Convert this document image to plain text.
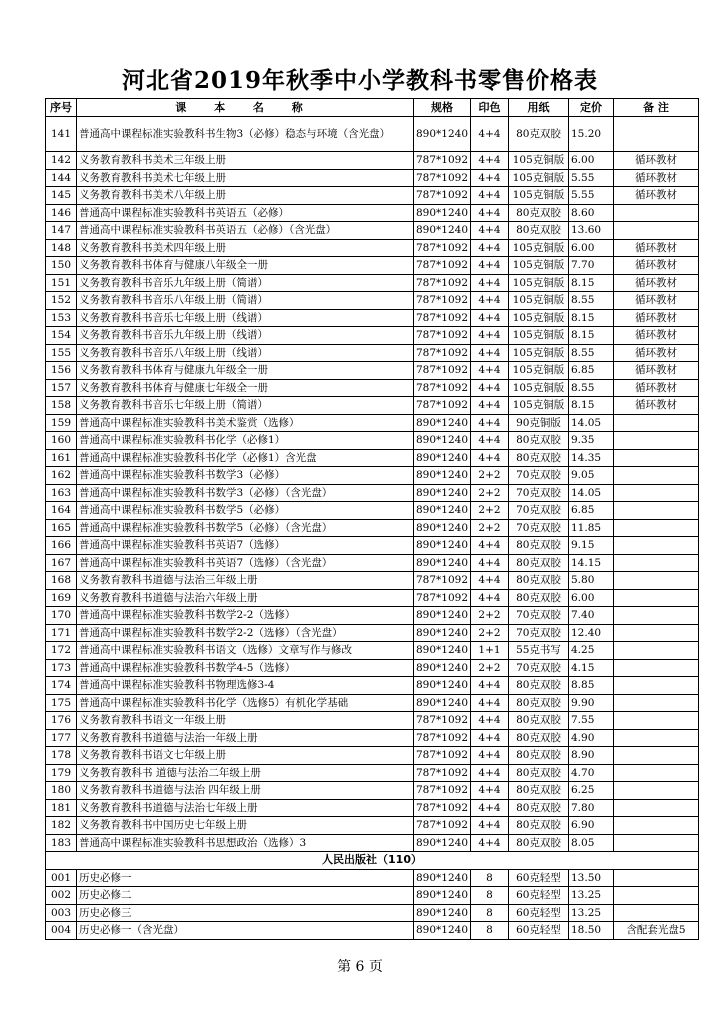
河北省2019年秋季中小学教科书零售价格表
序号	课 本 名 称	规格	印色	用纸	定价	备 注
141	普通高中课程标准实验教科书生物3（必修）稳态与环境（含光盘）	890*1240	4+4	80克双胶	15.20	
142	义务教育教科书美术三年级上册	787*1092	4+4	105克铜版	6.00	循环教材
144	义务教育教科书美术七年级上册	787*1092	4+4	105克铜版	5.55	循环教材
145	义务教育教科书美术八年级上册	787*1092	4+4	105克铜版	5.55	循环教材
146	普通高中课程标准实验教科书英语五（必修）	890*1240	4+4	80克双胶	8.60	
147	普通高中课程标准实验教科书英语五（必修）（含光盘）	890*1240	4+4	80克双胶	13.60	
148	义务教育教科书美术四年级上册	787*1092	4+4	105克铜版	6.00	循环教材
150	义务教育教科书体育与健康八年级全一册	787*1092	4+4	105克铜版	7.70	循环教材
151	义务教育教科书音乐九年级上册（简谱）	787*1092	4+4	105克铜版	8.15	循环教材
152	义务教育教科书音乐八年级上册（简谱）	787*1092	4+4	105克铜版	8.55	循环教材
153	义务教育教科书音乐七年级上册（线谱）	787*1092	4+4	105克铜版	8.15	循环教材
154	义务教育教科书音乐九年级上册（线谱）	787*1092	4+4	105克铜版	8.15	循环教材
155	义务教育教科书音乐八年级上册（线谱）	787*1092	4+4	105克铜版	8.55	循环教材
156	义务教育教科书体育与健康九年级全一册	787*1092	4+4	105克铜版	6.85	循环教材
157	义务教育教科书体育与健康七年级全一册	787*1092	4+4	105克铜版	8.55	循环教材
158	义务教育教科书音乐七年级上册（简谱）	787*1092	4+4	105克铜版	8.15	循环教材
159	普通高中课程标准实验教科书美术鉴赏（选修）	890*1240	4+4	90克铜版	14.05	
160	普通高中课程标准实验教科书化学（必修1）	890*1240	4+4	80克双胶	9.35	
161	普通高中课程标准实验教科书化学（必修1）含光盘	890*1240	4+4	80克双胶	14.35	
162	普通高中课程标准实验教科书数学3（必修）	890*1240	2+2	70克双胶	9.05	
163	普通高中课程标准实验教科书数学3（必修）（含光盘）	890*1240	2+2	70克双胶	14.05	
164	普通高中课程标准实验教科书数学5（必修）	890*1240	2+2	70克双胶	6.85	
165	普通高中课程标准实验教科书数学5（必修）（含光盘）	890*1240	2+2	70克双胶	11.85	
166	普通高中课程标准实验教科书英语7（选修）	890*1240	4+4	80克双胶	9.15	
167	普通高中课程标准实验教科书英语7（选修）（含光盘）	890*1240	4+4	80克双胶	14.15	
168	义务教育教科书道德与法治三年级上册	787*1092	4+4	80克双胶	5.80	
169	义务教育教科书道德与法治六年级上册	787*1092	4+4	80克双胶	6.00	
170	普通高中课程标准实验教科书数学2-2（选修）	890*1240	2+2	70克双胶	7.40	
171	普通高中课程标准实验教科书数学2-2（选修）（含光盘）	890*1240	2+2	70克双胶	12.40	
172	普通高中课程标准实验教科书语文（选修）文章写作与修改	890*1240	1+1	55克书写	4.25	
173	普通高中课程标准实验教科书数学4-5（选修）	890*1240	2+2	70克双胶	4.15	
174	普通高中课程标准实验教科书物理选修3-4	890*1240	4+4	80克双胶	8.85	
175	普通高中课程标准实验教科书化学（选修5）有机化学基础	890*1240	4+4	80克双胶	9.90	
176	义务教育教科书语文一年级上册	787*1092	4+4	80克双胶	7.55	
177	义务教育教科书道德与法治一年级上册	787*1092	4+4	80克双胶	4.90	
178	义务教育教科书语文七年级上册	787*1092	4+4	80克双胶	8.90	
179	义务教育教科书 道德与法治二年级上册	787*1092	4+4	80克双胶	4.70	
180	义务教育教科书道德与法治 四年级上册	787*1092	4+4	80克双胶	6.25	
181	义务教育教科书道德与法治七年级上册	787*1092	4+4	80克双胶	7.80	
182	义务教育教科书中国历史七年级上册	787*1092	4+4	80克双胶	6.90	
183	普通高中课程标准实验教科书思想政治（选修）3	890*1240	4+4	80克双胶	8.05	
人民出版社（110）						
001	历史必修一	890*1240	8	60克轻型	13.50	
002	历史必修二	890*1240	8	60克轻型	13.25	
003	历史必修三	890*1240	8	60克轻型	13.25	
004	历史必修一（含光盘）	890*1240	8	60克轻型	18.50	含配套光盘5
第 6 页
